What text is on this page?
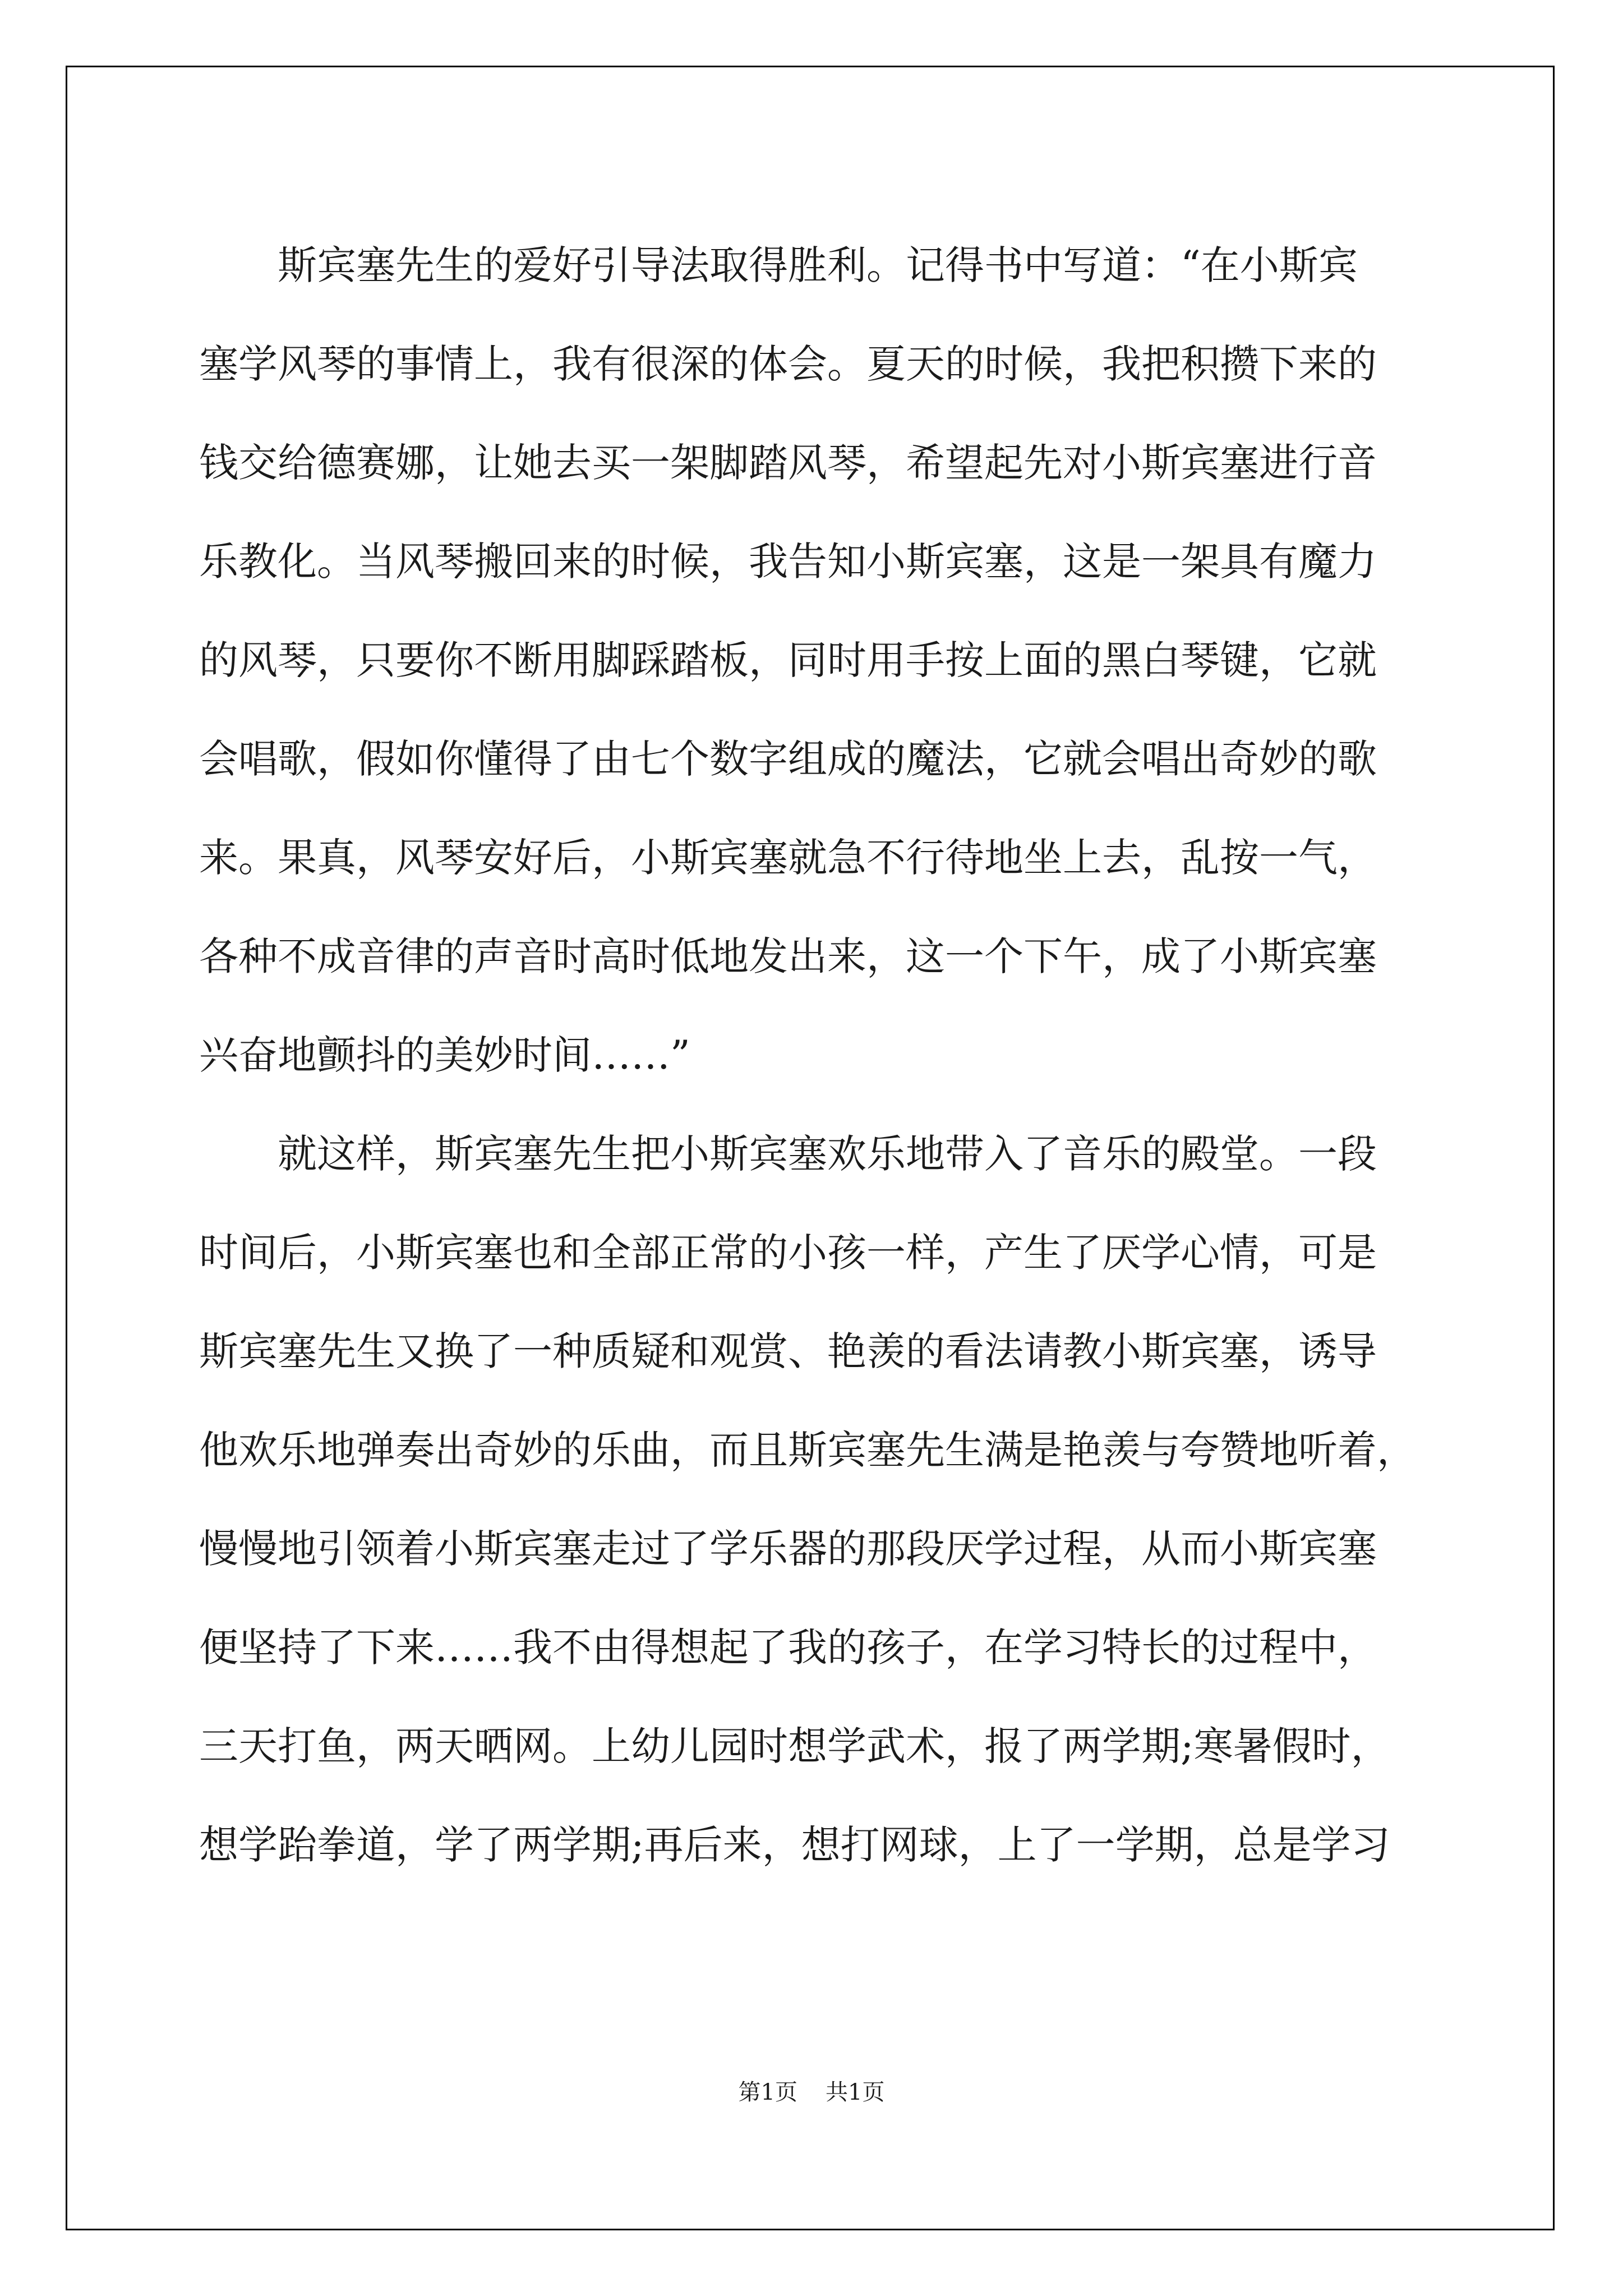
斯宾塞先生的爱好引导法取得胜利。记得书中写道：“在小斯宾
塞学风琴的事情上，我有很深的体会。夏天的时候，我把积攒下来的
钱交给德赛娜，让她去买一架脚踏风琴，希望起先对小斯宾塞进行音
乐教化。当风琴搬回来的时候，我告知小斯宾塞，这是一架具有魔力
的风琴，只要你不断用脚踩踏板，同时用手按上面的黑白琴键，它就
会唱歌，假如你懂得了由七个数字组成的魔法，它就会唱出奇妙的歌
来。果真，风琴安好后，小斯宾塞就急不行待地坐上去，乱按一气，
各种不成音律的声音时高时低地发出来，这一个下午，成了小斯宾塞
兴奋地颤抖的美妙时间……”
就这样，斯宾塞先生把小斯宾塞欢乐地带入了音乐的殿堂。一段
时间后，小斯宾塞也和全部正常的小孩一样，产生了厌学心情，可是
斯宾塞先生又换了一种质疑和观赏、艳羡的看法请教小斯宾塞，诱导
他欢乐地弹奏出奇妙的乐曲，而且斯宾塞先生满是艳羡与夸赞地听着，
慢慢地引领着小斯宾塞走过了学乐器的那段厌学过程，从而小斯宾塞
便坚持了下来……我不由得想起了我的孩子，在学习特长的过程中，
三天打鱼，两天晒网。上幼儿园时想学武术，报了两学期;寒暑假时，
想学跆拳道，学了两学期;再后来，想打网球，上了一学期，总是学习
第1页 共1页
